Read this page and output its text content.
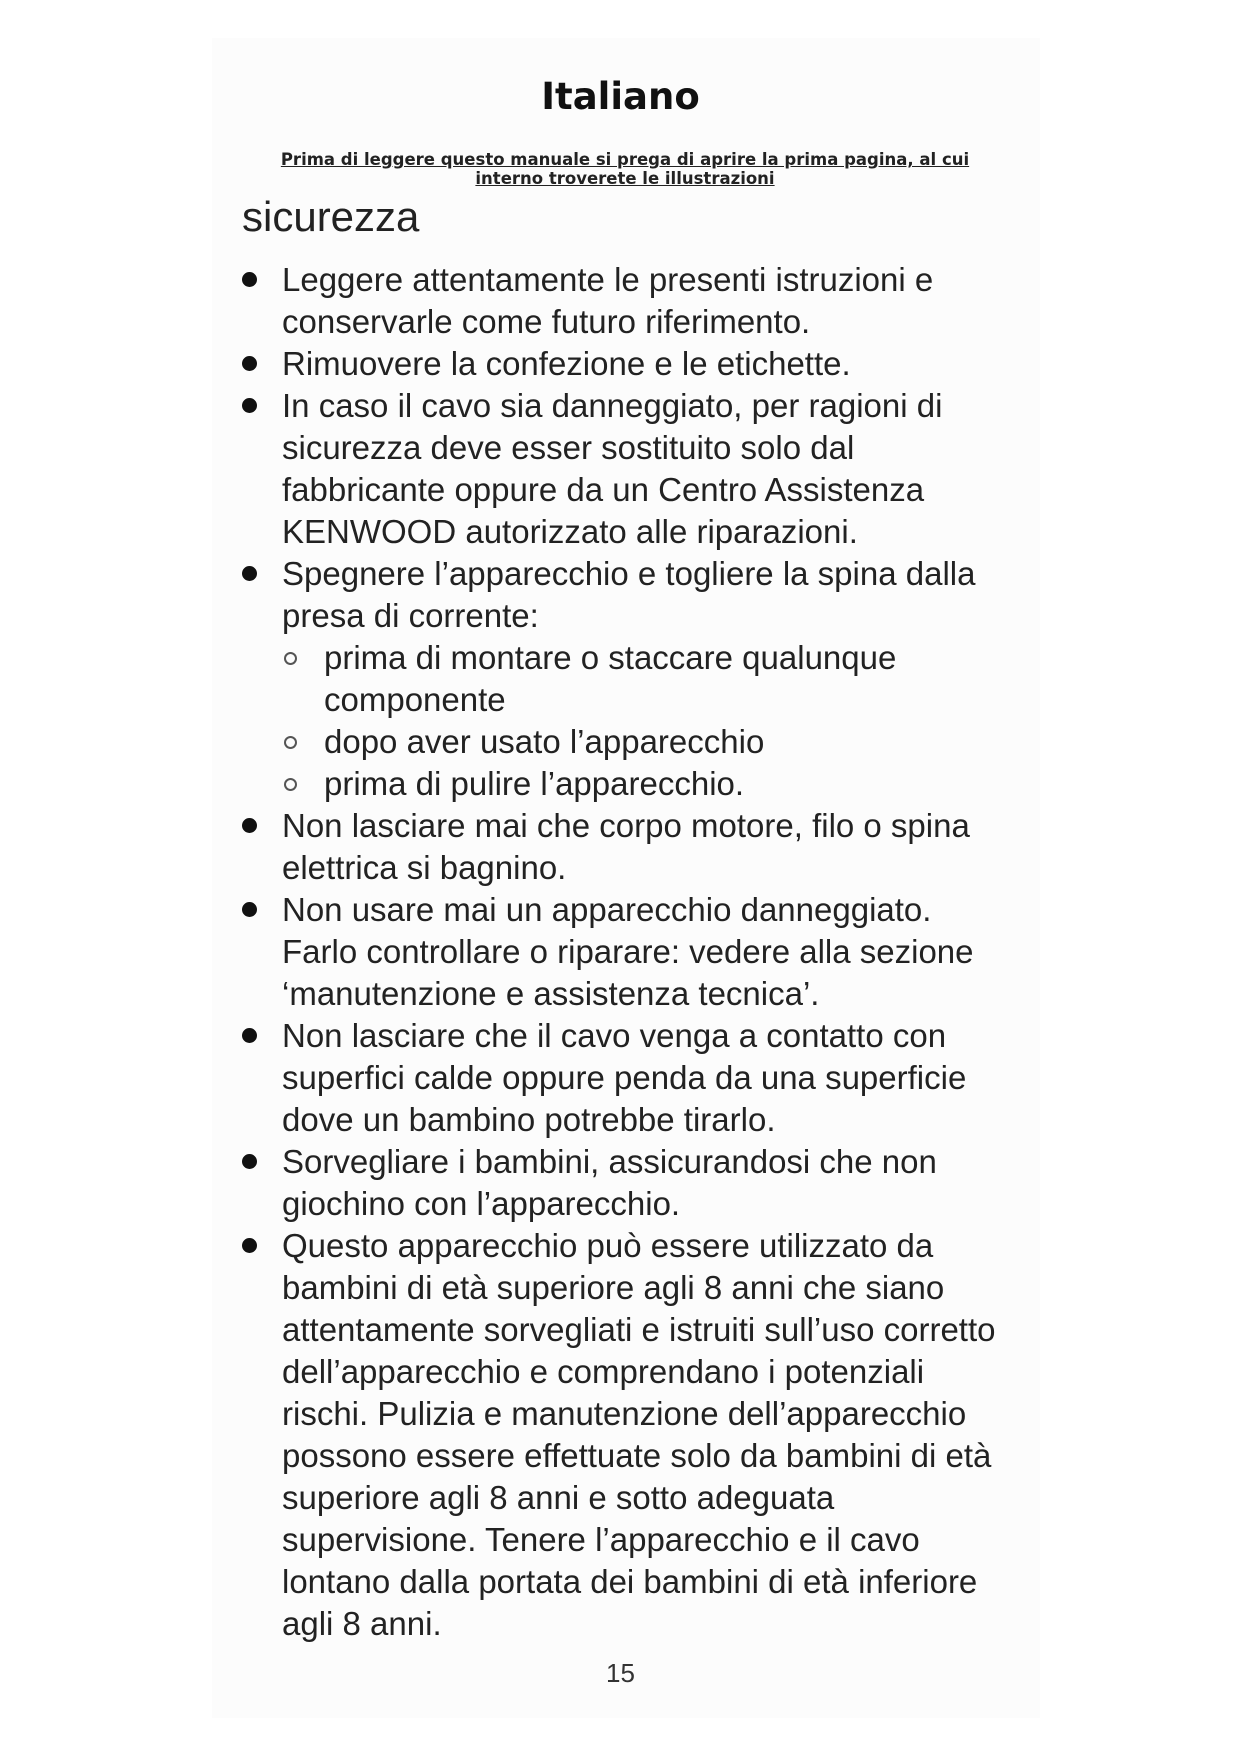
Italiano
Prima di leggere questo manuale si prega di aprire la prima pagina, al cui interno troverete le illustrazioni
sicurezza
Leggere attentamente le presenti istruzioni e conservarle come futuro riferimento.
Rimuovere la confezione e le etichette.
In caso il cavo sia danneggiato, per ragioni di sicurezza deve esser sostituito solo dal fabbricante oppure da un Centro Assistenza KENWOOD autorizzato alle riparazioni.
Spegnere l’apparecchio e togliere la spina dalla presa di corrente:
prima di montare o staccare qualunque componente
dopo aver usato l’apparecchio
prima di pulire l’apparecchio.
Non lasciare mai che corpo motore, filo o spina elettrica si bagnino.
Non usare mai un apparecchio danneggiato. Farlo controllare o riparare: vedere alla sezione ‘manutenzione e assistenza tecnica’.
Non lasciare che il cavo venga a contatto con superfici calde oppure penda da una superficie dove un bambino potrebbe tirarlo.
Sorvegliare i bambini, assicurandosi che non giochino con l’apparecchio.
Questo apparecchio può essere utilizzato da bambini di età superiore agli 8 anni che siano attentamente sorvegliati e istruiti sull’uso corretto dell’apparecchio e comprendano i potenziali rischi. Pulizia e manutenzione dell’apparecchio possono essere effettuate solo da bambini di età superiore agli 8 anni e sotto adeguata supervisione. Tenere l’apparecchio e il cavo lontano dalla portata dei bambini di età inferiore agli 8 anni.
15
